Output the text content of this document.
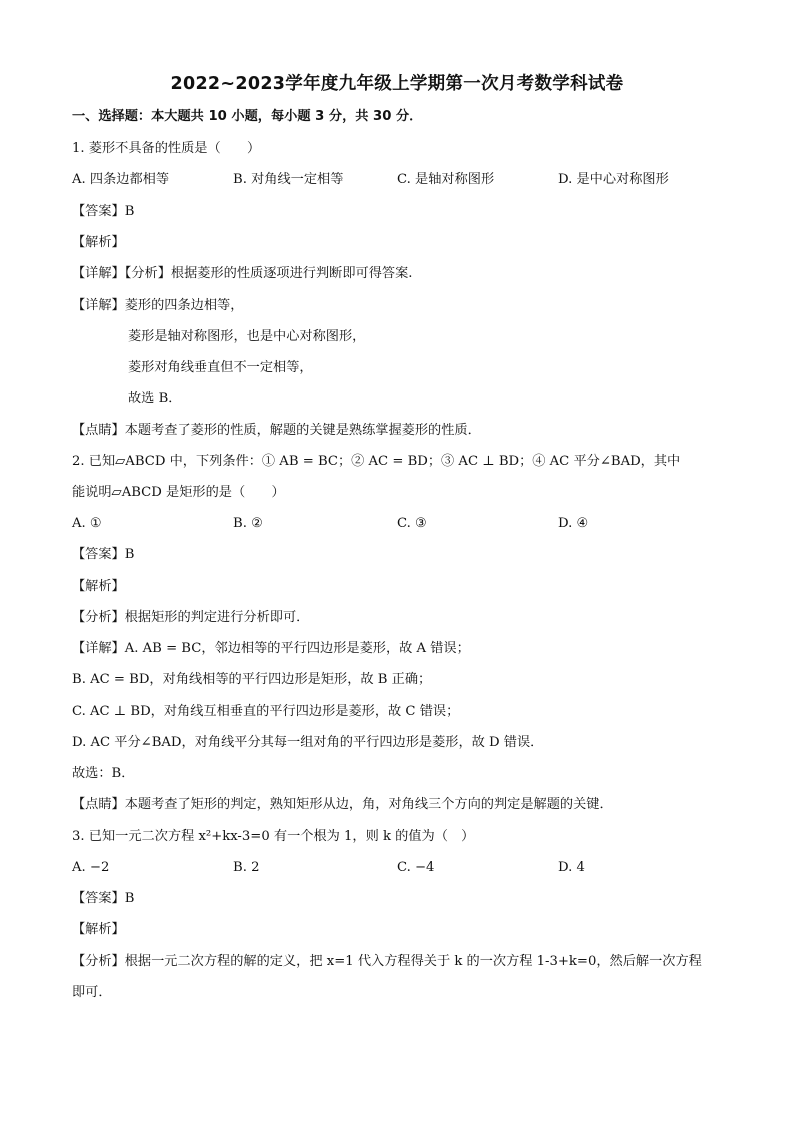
2022~2023学年度九年级上学期第一次月考数学科试卷
一、选择题：本大题共 10 小题，每小题 3 分，共 30 分．
1. 菱形不具备的性质是（　　）
A. 四条边都相等	B. 对角线一定相等	C. 是轴对称图形	D. 是中心对称图形
【答案】B
【解析】
【详解】【分析】根据菱形的性质逐项进行判断即可得答案.
【详解】菱形的四条边相等，
菱形是轴对称图形，也是中心对称图形，
菱形对角线垂直但不一定相等，
故选 B．
【点睛】本题考查了菱形的性质，解题的关键是熟练掌握菱形的性质．
2. 已知▱ABCD 中，下列条件：① AB = BC；② AC = BD；③ AC ⊥ BD；④ AC 平分∠BAD，其中
能说明▱ABCD 是矩形的是（　　）
A. ①	B. ②	C. ③	D. ④
【答案】B
【解析】
【分析】根据矩形的判定进行分析即可．
【详解】A. AB = BC，邻边相等的平行四边形是菱形，故 A 错误；
B. AC = BD，对角线相等的平行四边形是矩形，故 B 正确；
C. AC ⊥ BD，对角线互相垂直的平行四边形是菱形，故 C 错误；
D. AC 平分∠BAD，对角线平分其每一组对角的平行四边形是菱形，故 D 错误．
故选：B．
【点睛】本题考查了矩形的判定，熟知矩形从边，角，对角线三个方向的判定是解题的关键．
3. 已知一元二次方程 x²+kx-3=0 有一个根为 1，则 k 的值为（　）
A. −2	B. 2	C. −4	D. 4
【答案】B
【解析】
【分析】根据一元二次方程的解的定义，把 x=1 代入方程得关于 k 的一次方程 1-3+k=0，然后解一次方程
即可．
